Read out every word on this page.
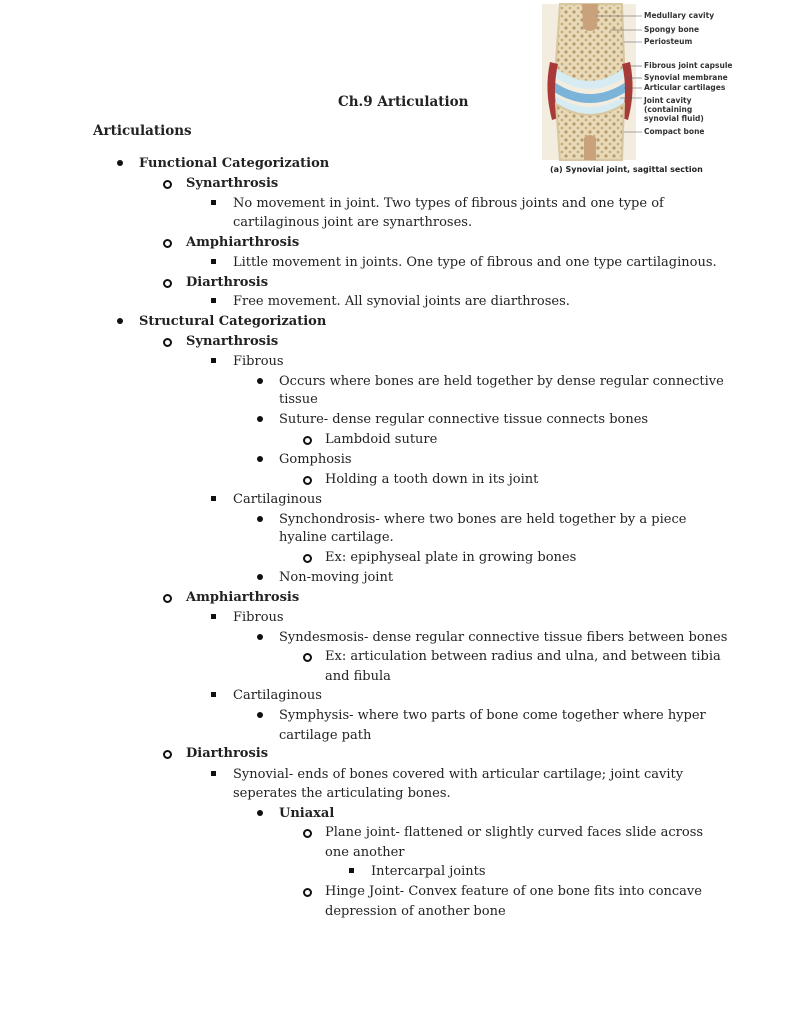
Ch.9 Articulation
Articulations
Medullary cavity
Spongy bone
Periosteum
Fibrous joint capsule
Synovial membrane
Articular cartilages
Joint cavity
(containing
synovial fluid)
Compact bone
(a) Synovial joint, sagittal section
Functional Categorization
Synarthrosis
No movement in joint. Two types of fibrous joints and one type of
cartilaginous joint are synarthroses.
Amphiarthrosis
Little movement in joints. One type of fibrous and one type cartilaginous.
Diarthrosis
Free movement. All synovial joints are diarthroses.
Structural Categorization
Synarthrosis
Fibrous
Occurs where bones are held together by dense regular connective
tissue
Suture- dense regular connective tissue connects bones
Lambdoid suture
Gomphosis
Holding a tooth down in its joint
Cartilaginous
Synchondrosis- where two bones are held together by a piece
hyaline cartilage.
Ex: epiphyseal plate in growing bones
Non-moving joint
Amphiarthrosis
Fibrous
Syndesmosis- dense regular connective tissue fibers between bones
Ex: articulation between radius and ulna, and between tibia
and fibula
Cartilaginous
Symphysis- where two parts of bone come together where hyper
cartilage path
Diarthrosis
Synovial- ends of bones covered with articular cartilage; joint cavity
seperates the articulating bones.
Uniaxal
Plane joint- flattened or slightly curved faces slide across
one another
Intercarpal joints
Hinge Joint- Convex feature of one bone fits into concave
depression of another bone
